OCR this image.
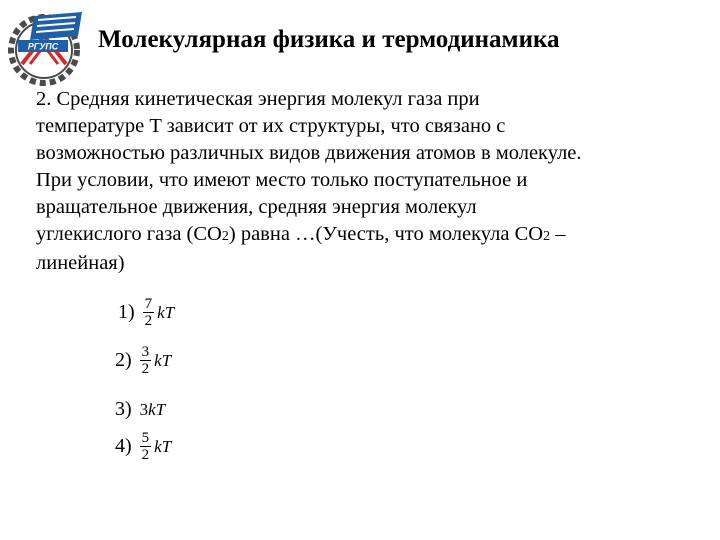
РГУПС Молекулярная физика и термодинамика
2. Средняя кинетическая энергия молекул газа при
температуре T зависит от их структуры, что связано с
возможностью различных видов движения атомов в молекуле.
При условии, что имеют место только поступательное и
вращательное движения, средняя энергия молекул
углекислого газа (CO2) равна …(Учесть, что молекула CO2 –
линейная)
$1) \frac{7}{2}$ kT
$2) \frac{3}{2}$ kT
3) 3 kT
$4) \frac{5}{2}$ kT
